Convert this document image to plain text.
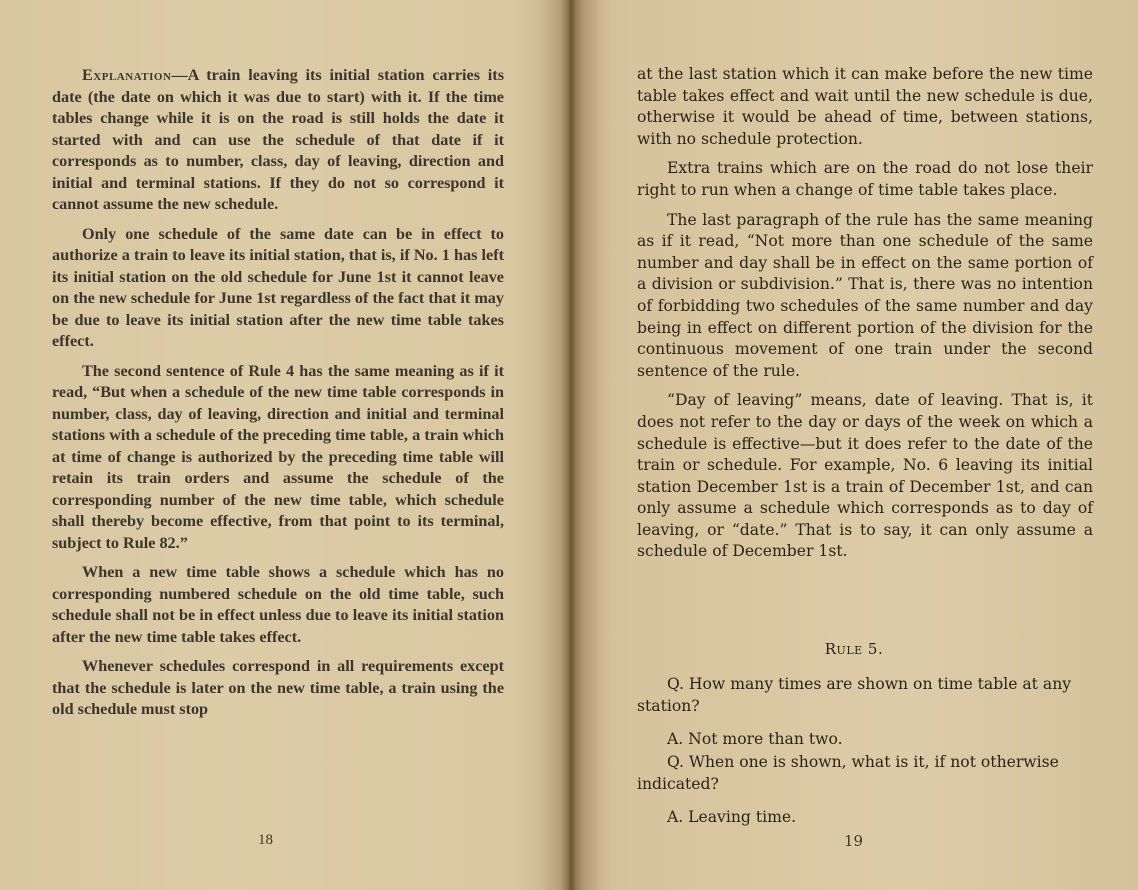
Explanation—A train leaving its initial station carries its date (the date on which it was due to start) with it. If the time tables change while it is on the road is still holds the date it started with and can use the schedule of that date if it corresponds as to number, class, day of leaving, direction and initial and terminal stations. If they do not so correspond it cannot assume the new schedule.

Only one schedule of the same date can be in effect to authorize a train to leave its initial station, that is, if No. 1 has left its initial station on the old schedule for June 1st it cannot leave on the new schedule for June 1st regardless of the fact that it may be due to leave its initial station after the new time table takes effect.

The second sentence of Rule 4 has the same meaning as if it read, “But when a schedule of the new time table corresponds in number, class, day of leaving, direction and initial and terminal stations with a schedule of the preceding time table, a train which at time of change is authorized by the preceding time table will retain its train orders and assume the schedule of the corresponding number of the new time table, which schedule shall thereby become effective, from that point to its terminal, subject to Rule 82.”

When a new time table shows a schedule which has no corresponding numbered schedule on the old time table, such schedule shall not be in effect unless due to leave its initial station after the new time table takes effect.

Whenever schedules correspond in all requirements except that the schedule is later on the new time table, a train using the old schedule must stop

18

at the last station which it can make before the new time table takes effect and wait until the new schedule is due, otherwise it would be ahead of time, between stations, with no schedule protection.

Extra trains which are on the road do not lose their right to run when a change of time table takes place.

The last paragraph of the rule has the same meaning as if it read, “Not more than one schedule of the same number and day shall be in effect on the same portion of a division or subdivision.” That is, there was no intention of forbidding two schedules of the same number and day being in effect on different portion of the division for the continuous movement of one train under the second sentence of the rule.

“Day of leaving” means, date of leaving. That is, it does not refer to the day or days of the week on which a schedule is effective—but it does refer to the date of the train or schedule. For example, No. 6 leaving its initial station December 1st is a train of December 1st, and can only assume a schedule which corresponds as to day of leaving, or “date.” That is to say, it can only assume a schedule of December 1st.

Rule 5.

Q. How many times are shown on time table at any station?

A. Not more than two.

Q. When one is shown, what is it, if not otherwise indicated?

A. Leaving time.

19
